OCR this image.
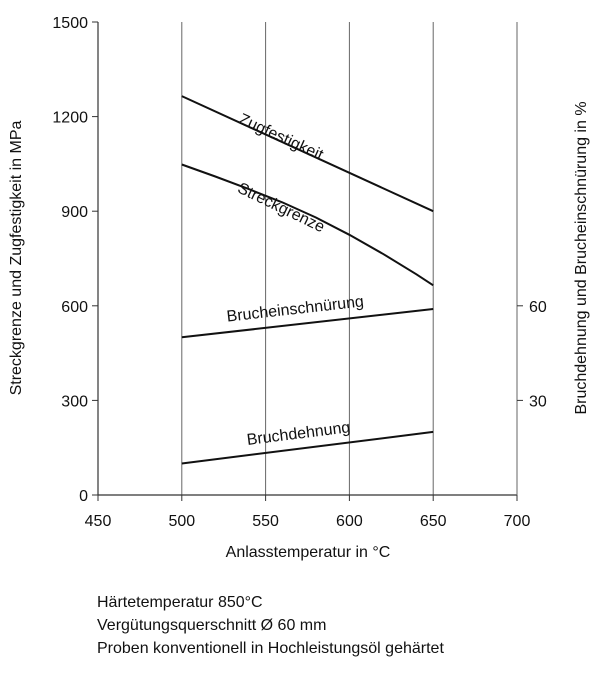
0
300
600
900
1200
1500
30
60
450	500	550	600	650	700
Zugfestigkeit
Streckgrenze
Brucheinschnürung
Bruchdehnung
Anlasstemperatur in °C
Streckgrenze und Zugfestigkeit in MPa	Bruchdehnung und Brucheinschnürung in %
Härtetemperatur 850°C
Vergütungsquerschnitt Ø 60 mm
Proben konventionell in Hochleistungsöl gehärtet
